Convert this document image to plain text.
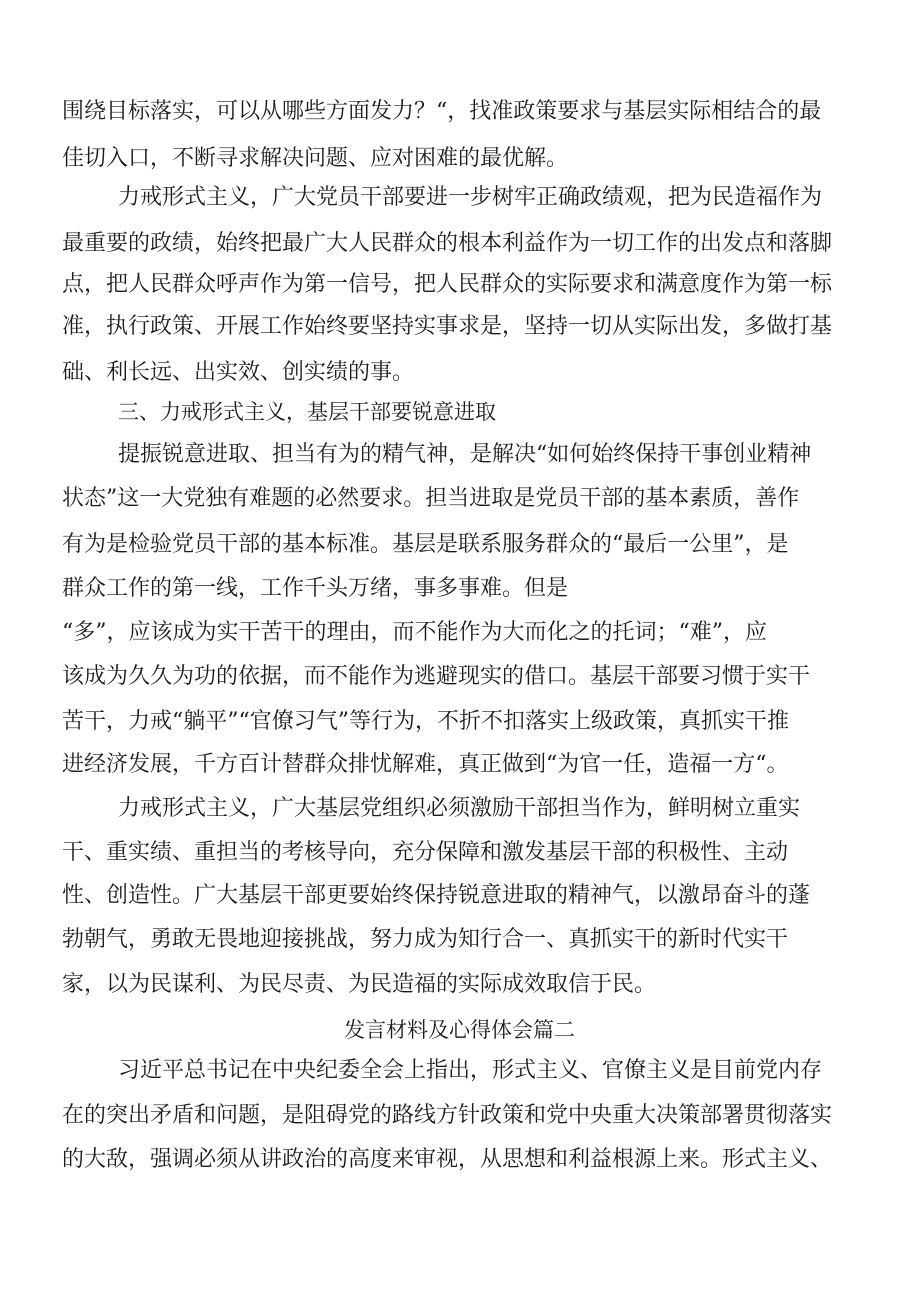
围绕目标落实，可以从哪些方面发力？“，找准政策要求与基层实际相结合的最
佳切入口，不断寻求解决问题、应对困难的最优解。
力戒形式主义，广大党员干部要进一步树牢正确政绩观，把为民造福作为
最重要的政绩，始终把最广大人民群众的根本利益作为一切工作的出发点和落脚
点，把人民群众呼声作为第一信号，把人民群众的实际要求和满意度作为第一标
准，执行政策、开展工作始终要坚持实事求是，坚持一切从实际出发，多做打基
础、利长远、出实效、创实绩的事。
三、力戒形式主义，基层干部要锐意进取
提振锐意进取、担当有为的精气神，是解决“如何始终保持干事创业精神
状态”这一大党独有难题的必然要求。担当进取是党员干部的基本素质，善作
有为是检验党员干部的基本标准。基层是联系服务群众的“最后一公里”，是
群众工作的第一线，工作千头万绪，事多事难。但是
“多”，应该成为实干苦干的理由，而不能作为大而化之的托词；“难”，应
该成为久久为功的依据，而不能作为逃避现实的借口。基层干部要习惯于实干
苦干，力戒“躺平”“官僚习气”等行为，不折不扣落实上级政策，真抓实干推
进经济发展，千方百计替群众排忧解难，真正做到“为官一任，造福一方“。
力戒形式主义，广大基层党组织必须激励干部担当作为，鲜明树立重实
干、重实绩、重担当的考核导向，充分保障和激发基层干部的积极性、主动
性、创造性。广大基层干部更要始终保持锐意进取的精神气，以激昂奋斗的蓬
勃朝气，勇敢无畏地迎接挑战，努力成为知行合一、真抓实干的新时代实干
家，以为民谋利、为民尽责、为民造福的实际成效取信于民。
发言材料及心得体会篇二
习近平总书记在中央纪委全会上指出，形式主义、官僚主义是目前党内存
在的突出矛盾和问题，是阻碍党的路线方针政策和党中央重大决策部署贯彻落实
的大敌，强调必须从讲政治的高度来审视，从思想和利益根源上来。形式主义、
